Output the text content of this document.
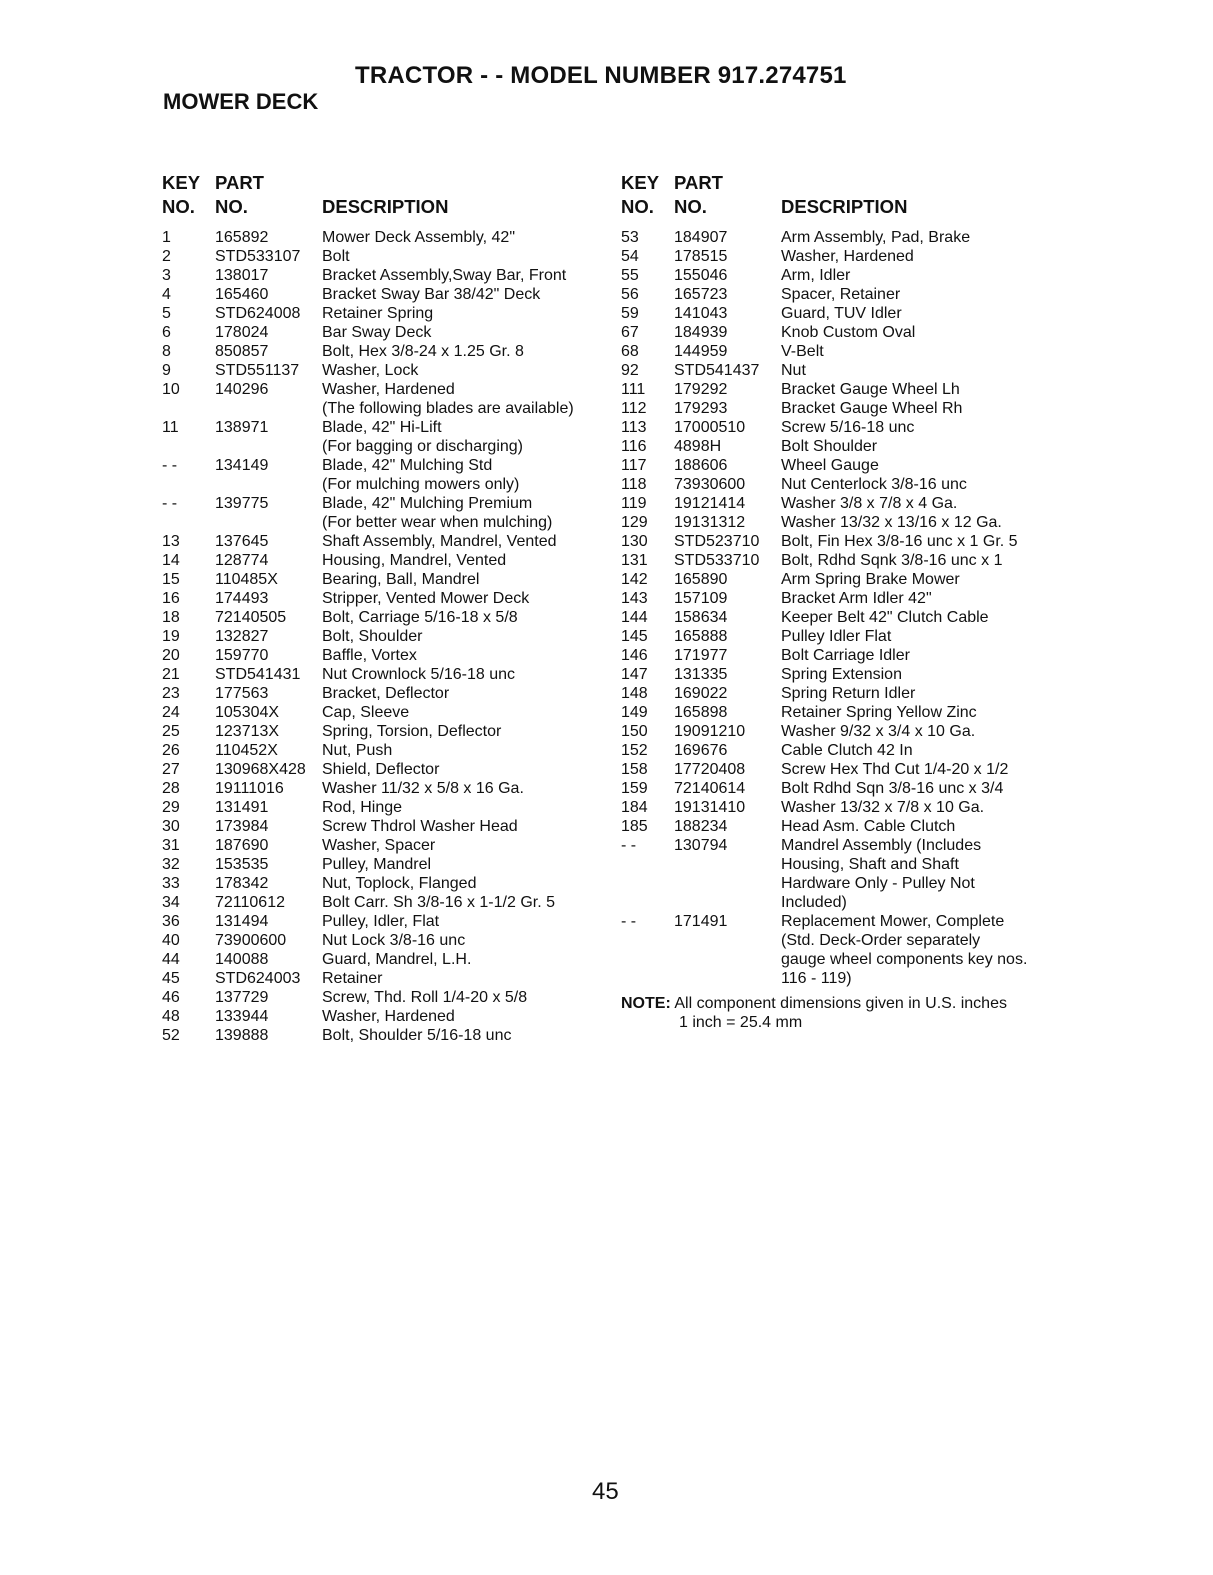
TRACTOR - - MODEL NUMBER 917.274751
MOWER DECK
KEY PART
NO. NO.	DESCRIPTION
1	165892	Mower Deck Assembly, 42"
2	STD533107 Bolt
3	138017	Bracket Assembly,Sway Bar, Front
4	165460	Bracket Sway Bar 38/42" Deck
5	STD624008 Retainer Spring
6	178024	Bar Sway Deck
8	850857	Bolt, Hex 3/8-24 x 1.25 Gr. 8
9	STD551137 Washer, Lock
10 140296	Washer, Hardened
(The following blades are available)
11 138971	Blade, 42" Hi-Lift
(For bagging or discharging)
- - 134149	Blade, 42" Mulching Std
(For mulching mowers only)
- - 139775	Blade, 42" Mulching Premium
(For better wear when mulching)
13 137645	Shaft Assembly, Mandrel, Vented
14 128774	Housing, Mandrel, Vented
15 110485X	Bearing, Ball, Mandrel
16 174493	Stripper, Vented Mower Deck
18 72140505 Bolt, Carriage 5/16-18 x 5/8
19 132827	Bolt, Shoulder
20 159770	Baffle, Vortex
21 STD541431 Nut Crownlock 5/16-18 unc
23 177563	Bracket, Deflector
24 105304X	Cap, Sleeve
25 123713X	Spring, Torsion, Deflector
26 110452X	Nut, Push
27 130968X428 Shield, Deflector
28 19111016 Washer 11/32 x 5/8 x 16 Ga.
29 131491	Rod, Hinge
30 173984	Screw Thdrol Washer Head
31 187690	Washer, Spacer
32 153535	Pulley, Mandrel
33 178342	Nut, Toplock, Flanged
34 72110612 Bolt Carr. Sh 3/8-16 x 1-1/2 Gr. 5
36 131494	Pulley, Idler, Flat
40 73900600 Nut Lock 3/8-16 unc
44 140088	Guard, Mandrel, L.H.
45 STD624003 Retainer
46 137729	Screw, Thd. Roll 1/4-20 x 5/8
48 133944	Washer, Hardened
52 139888	Bolt, Shoulder 5/16-18 unc
KEY PART
NO. NO.	DESCRIPTION
53 184907	Arm Assembly, Pad, Brake
54 178515	Washer, Hardened
55 155046	Arm, Idler
56 165723	Spacer, Retainer
59 141043	Guard, TUV Idler
67 184939	Knob Custom Oval
68 144959	V-Belt
92 STD541437 Nut
111 179292	Bracket Gauge Wheel Lh
112 179293	Bracket Gauge Wheel Rh
113 17000510 Screw 5/16-18 unc
116 4898H	Bolt Shoulder
117 188606	Wheel Gauge
118 73930600 Nut Centerlock 3/8-16 unc
119 19121414 Washer 3/8 x 7/8 x 4 Ga.
129 19131312 Washer 13/32 x 13/16 x 12 Ga.
130 STD523710 Bolt, Fin Hex 3/8-16 unc x 1 Gr. 5
131 STD533710 Bolt, Rdhd Sqnk 3/8-16 unc x 1
142 165890	Arm Spring Brake Mower
143 157109	Bracket Arm Idler 42"
144 158634	Keeper Belt 42" Clutch Cable
145 165888	Pulley Idler Flat
146 171977	Bolt Carriage Idler
147 131335	Spring Extension
148 169022	Spring Return Idler
149 165898	Retainer Spring Yellow Zinc
150 19091210 Washer 9/32 x 3/4 x 10 Ga.
152 169676	Cable Clutch 42 In
158 17720408 Screw Hex Thd Cut 1/4-20 x 1/2
159 72140614 Bolt Rdhd Sqn 3/8-16 unc x 3/4
184 19131410 Washer 13/32 x 7/8 x 10 Ga.
185 188234	Head Asm. Cable Clutch
- - 130794	Mandrel Assembly (Includes
Housing, Shaft and Shaft
Hardware Only - Pulley Not
Included)
- - 171491	Replacement Mower, Complete
(Std. Deck-Order separately
gauge wheel components key nos.
116 - 119)
NOTE: All component dimensions given in U.S. inches
1 inch = 25.4 mm
45
